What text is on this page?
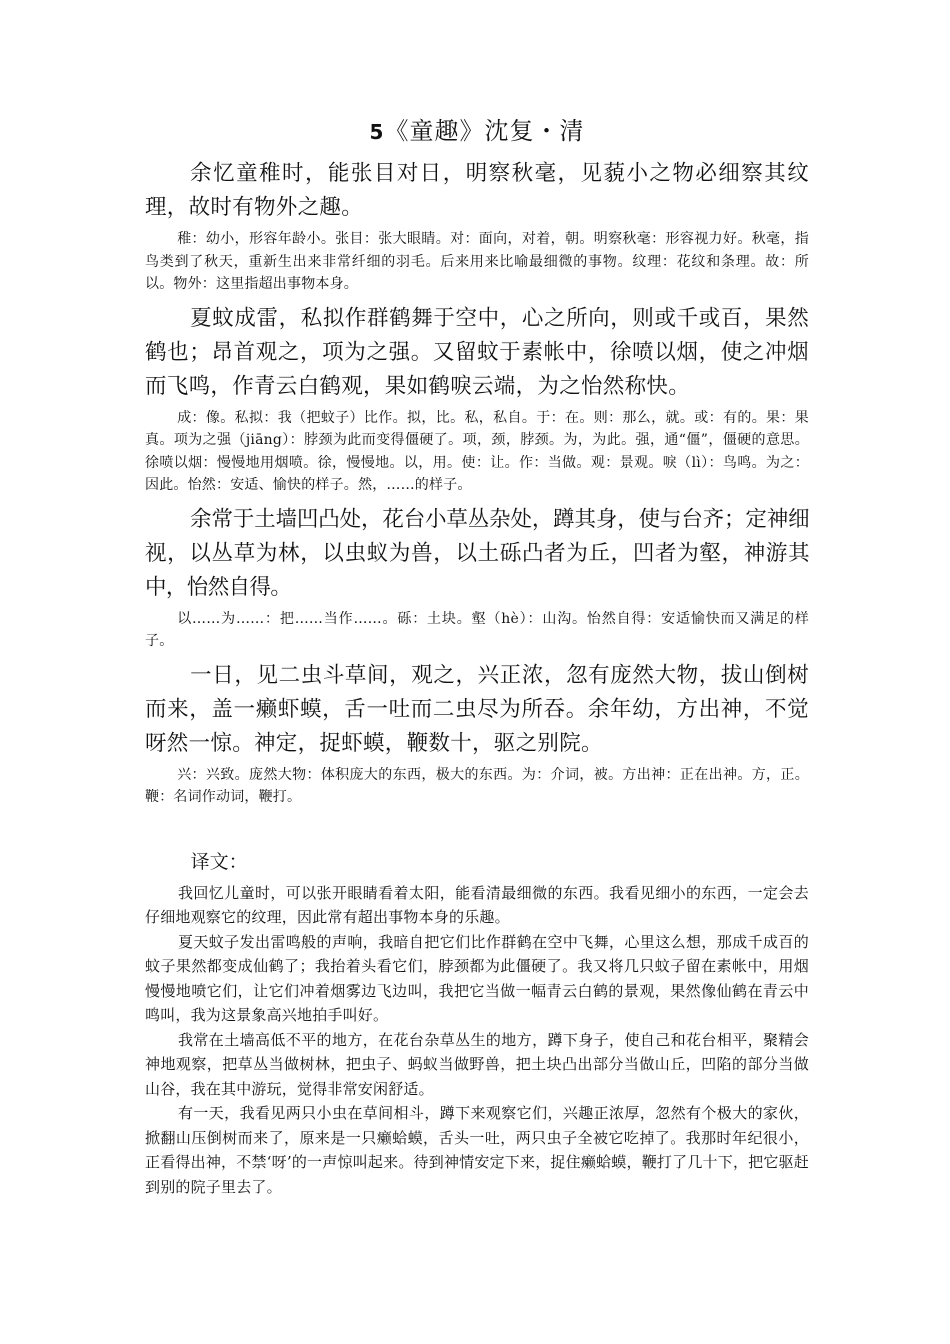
5《童趣》沈复・清

余忆童稚时，能张目对日，明察秋毫，见藐小之物必细察其纹理，故时有物外之趣。

稚：幼小，形容年龄小。张目：张大眼睛。对：面向，对着，朝。明察秋毫：形容视力好。秋毫，指鸟类到了秋天，重新生出来非常纤细的羽毛。后来用来比喻最细微的事物。纹理：花纹和条理。故：所以。物外：这里指超出事物本身。

夏蚊成雷，私拟作群鹤舞于空中，心之所向，则或千或百，果然鹤也；昂首观之，项为之强。又留蚊于素帐中，徐喷以烟，使之冲烟而飞鸣，作青云白鹤观，果如鹤唳云端，为之怡然称快。

成：像。私拟：我（把蚊子）比作。拟，比。私，私自。于：在。则：那么，就。或：有的。果：果真。项为之强（jiāng）：脖颈为此而变得僵硬了。项，颈，脖颈。为，为此。强，通“僵”，僵硬的意思。徐喷以烟：慢慢地用烟喷。徐，慢慢地。以，用。使：让。作：当做。观：景观。唳（lì）：鸟鸣。为之：因此。怡然：安适、愉快的样子。然，……的样子。

余常于土墙凹凸处，花台小草丛杂处，蹲其身，使与台齐；定神细视，以丛草为林，以虫蚁为兽，以土砾凸者为丘，凹者为壑，神游其中，怡然自得。

以……为……：把……当作……。砾：土块。壑（hè）：山沟。怡然自得：安适愉快而又满足的样子。

一日，见二虫斗草间，观之，兴正浓，忽有庞然大物，拔山倒树而来，盖一癞虾蟆，舌一吐而二虫尽为所吞。余年幼，方出神，不觉呀然一惊。神定，捉虾蟆，鞭数十，驱之别院。

兴：兴致。庞然大物：体积庞大的东西，极大的东西。为：介词，被。方出神：正在出神。方，正。鞭：名词作动词，鞭打。

译文：

我回忆儿童时，可以张开眼睛看着太阳，能看清最细微的东西。我看见细小的东西，一定会去仔细地观察它的纹理，因此常有超出事物本身的乐趣。

夏天蚊子发出雷鸣般的声响，我暗自把它们比作群鹤在空中飞舞，心里这么想，那成千成百的蚊子果然都变成仙鹤了；我抬着头看它们，脖颈都为此僵硬了。我又将几只蚊子留在素帐中，用烟慢慢地喷它们，让它们冲着烟雾边飞边叫，我把它当做一幅青云白鹤的景观，果然像仙鹤在青云中鸣叫，我为这景象高兴地拍手叫好。

我常在土墙高低不平的地方，在花台杂草丛生的地方，蹲下身子，使自己和花台相平，聚精会神地观察，把草丛当做树林，把虫子、蚂蚁当做野兽，把土块凸出部分当做山丘，凹陷的部分当做山谷，我在其中游玩，觉得非常安闲舒适。

有一天，我看见两只小虫在草间相斗，蹲下来观察它们，兴趣正浓厚，忽然有个极大的家伙，掀翻山压倒树而来了，原来是一只癞蛤蟆，舌头一吐，两只虫子全被它吃掉了。我那时年纪很小，正看得出神，不禁‘呀’的一声惊叫起来。待到神情安定下来，捉住癞蛤蟆，鞭打了几十下，把它驱赶到别的院子里去了。
